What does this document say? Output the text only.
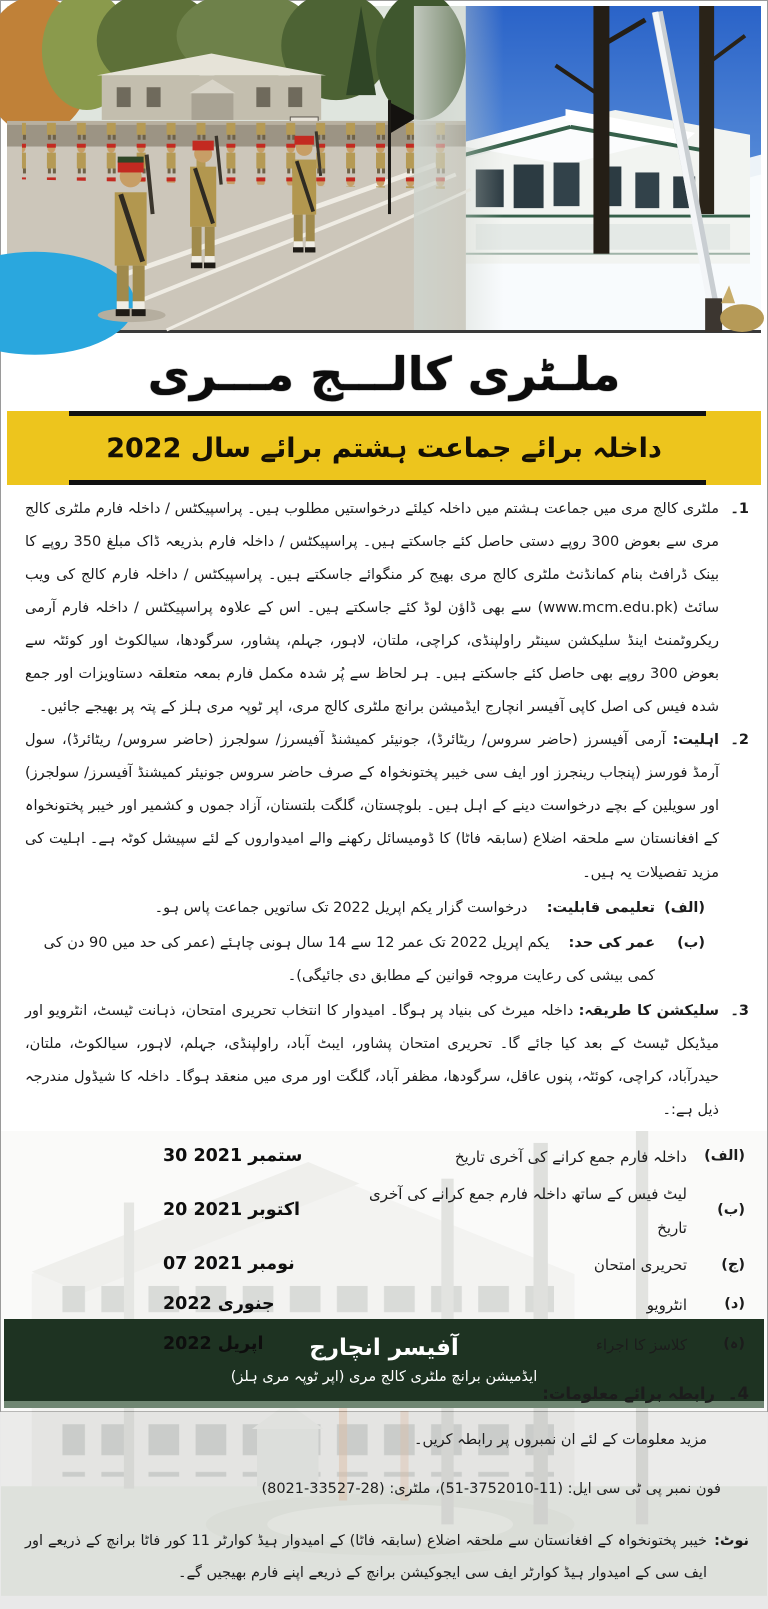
ملـٹری کالـــج مـــری
داخلہ برائے جماعت ہشتم برائے سال 2022
1۔
ملٹری کالج مری میں جماعت ہشتم میں داخلہ کیلئے درخواستیں مطلوب ہیں۔ پراسپیکٹس / داخلہ فارم ملٹری کالج مری سے بعوض 300 روپے دستی حاصل کئے جاسکتے ہیں۔ پراسپیکٹس / داخلہ فارم بذریعہ ڈاک مبلغ 350 روپے کا بینک ڈرافٹ بنام کمانڈنٹ ملٹری کالج مری بھیج کر منگوائے جاسکتے ہیں۔ پراسپیکٹس / داخلہ فارم کالج کی ویب سائٹ (www.mcm.edu.pk) سے بھی ڈاؤن لوڈ کئے جاسکتے ہیں۔ اس کے علاوہ پراسپیکٹس / داخلہ فارم آرمی ریکروٹمنٹ اینڈ سلیکشن سینٹر راولپنڈی، کراچی، ملتان، لاہور، جہلم، پشاور، سرگودھا، سیالکوٹ اور کوئٹہ سے بعوض 300 روپے بھی حاصل کئے جاسکتے ہیں۔ ہر لحاظ سے پُر شدہ مکمل فارم بمعہ متعلقہ دستاویزات اور جمع شدہ فیس کی اصل کاپی آفیسر انچارج ایڈمیشن برانچ ملٹری کالج مری، اپر ٹوپہ مری ہلز کے پتہ پر بھیجے جائیں۔
2۔
اہلیت: آرمی آفیسرز (حاضر سروس/ ریٹائرڈ)، جونیئر کمیشنڈ آفیسرز/ سولجرز (حاضر سروس/ ریٹائرڈ)، سول آرمڈ فورسز (پنجاب رینجرز اور ایف سی خیبر پختونخواہ کے صرف حاضر سروس جونیئر کمیشنڈ آفیسرز/ سولجرز) اور سویلین کے بچے درخواست دینے کے اہل ہیں۔ بلوچستان، گلگت بلتستان، آزاد جموں و کشمیر اور خیبر پختونخواہ کے افغانستان سے ملحقہ اضلاع (سابقہ فاٹا) کا ڈومیسائل رکھنے والے امیدواروں کے لئے سپیشل کوٹہ ہے۔ اہلیت کی مزید تفصیلات یہ ہیں۔
(الف)
تعلیمی قابلیت:  درخواست گزار یکم اپریل 2022 تک ساتویں جماعت پاس ہو۔
(ب)
عمر کی حد:  یکم اپریل 2022 تک عمر 12 سے 14 سال ہونی چاہئے (عمر کی حد میں 90 دن کی کمی بیشی کی رعایت مروجہ قوانین کے مطابق دی جائیگی)۔
3۔
سلیکشن کا طریقہ: داخلہ میرٹ کی بنیاد پر ہوگا۔ امیدوار کا انتخاب تحریری امتحان، ذہانت ٹیسٹ، انٹرویو اور میڈیکل ٹیسٹ کے بعد کیا جائے گا۔ تحریری امتحان پشاور، ایبٹ آباد، راولپنڈی، جہلم، لاہور، سیالکوٹ، ملتان، حیدرآباد، کراچی، کوئٹہ، پنوں عاقل، سرگودھا، مظفر آباد، گلگت اور مری میں منعقد ہوگا۔ داخلہ کا شیڈول مندرجہ ذیل ہے:۔
(الف)
داخلہ فارم جمع کرانے کی آخری تاریخ
30 ستمبر 2021
(ب)
لیٹ فیس کے ساتھ داخلہ فارم جمع کرانے کی آخری تاریخ
20 اکتوبر 2021
(ج)
تحریری امتحان
07 نومبر 2021
(د)
انٹرویو
جنوری 2022
(ہ)
کلاسز کا اجراء
اپریل 2022
4۔
رابطہ برائے معلومات:
مزید معلومات کے لئے ان نمبروں پر رابطہ کریں۔
فون نمبر پی ٹی سی ایل: (51-3752010-11)، ملٹری: (8021-33527-28)
نوٹ:
خیبر پختونخواہ کے افغانستان سے ملحقہ اضلاع (سابقہ فاٹا) کے امیدوار ہیڈ کوارٹر 11 کور فاٹا برانچ کے ذریعے اور ایف سی کے امیدوار ہیڈ کوارٹر ایف سی ایجوکیشن برانچ کے ذریعے اپنے فارم بھیجیں گے۔
آفیسر انچارج
ایڈمیشن برانچ ملٹری کالج مری (اپر ٹوپہ مری ہلز)
